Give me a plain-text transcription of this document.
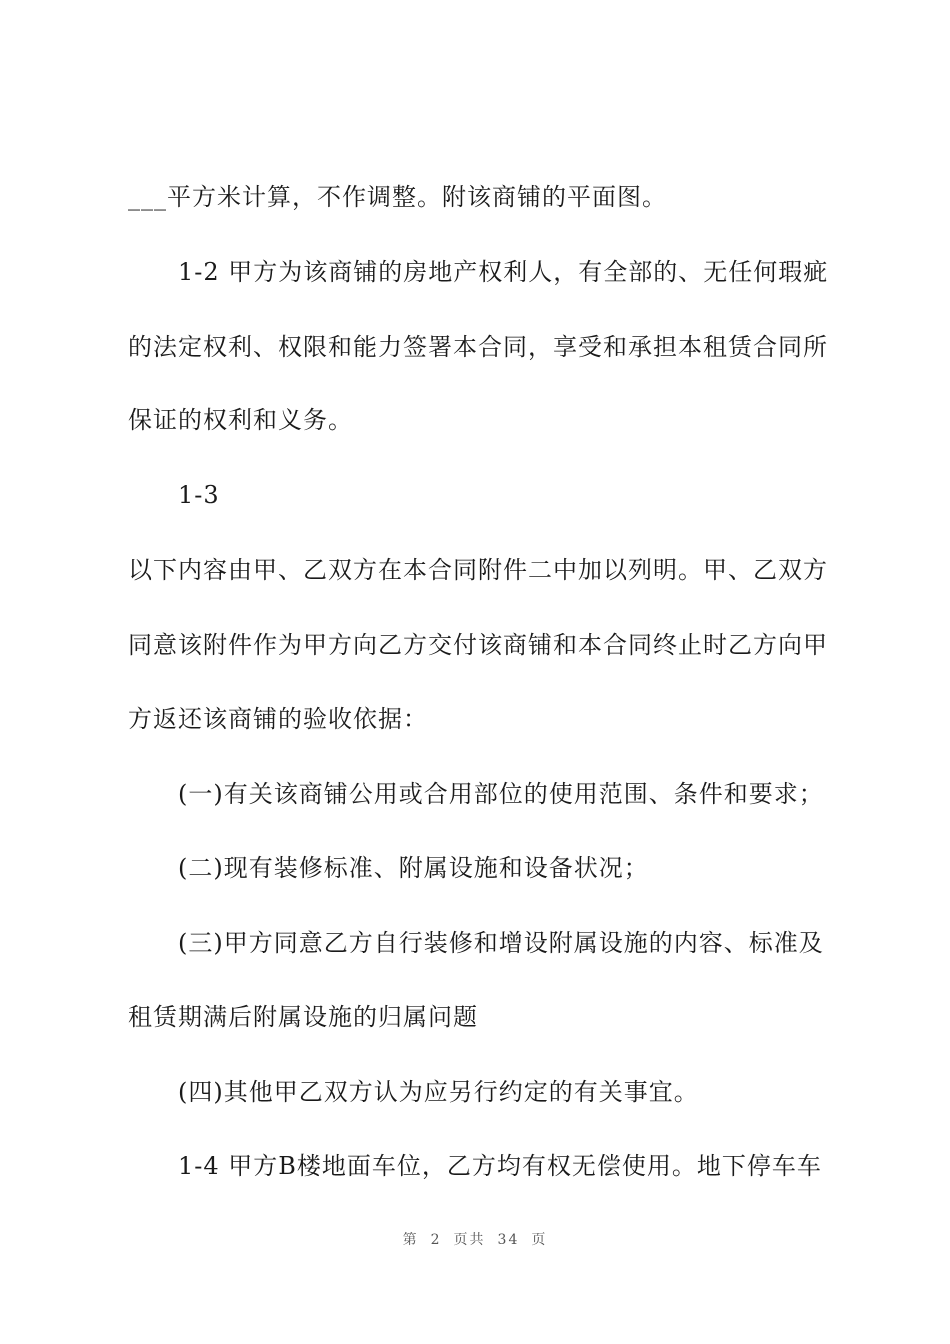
___平方米计算，不作调整。附该商铺的平面图。
1-2 甲方为该商铺的房地产权利人，有全部的、无任何瑕疵
的法定权利、权限和能力签署本合同，享受和承担本租赁合同所
保证的权利和义务。
1-3
以下内容由甲、乙双方在本合同附件二中加以列明。甲、乙双方
同意该附件作为甲方向乙方交付该商铺和本合同终止时乙方向甲
方返还该商铺的验收依据：
(一)有关该商铺公用或合用部位的使用范围、条件和要求；
(二)现有装修标准、附属设施和设备状况；
(三)甲方同意乙方自行装修和增设附属设施的内容、标准及
租赁期满后附属设施的归属问题
(四)其他甲乙双方认为应另行约定的有关事宜。
1-4 甲方B楼地面车位，乙方均有权无偿使用。地下停车车
第 2 页共 34 页
